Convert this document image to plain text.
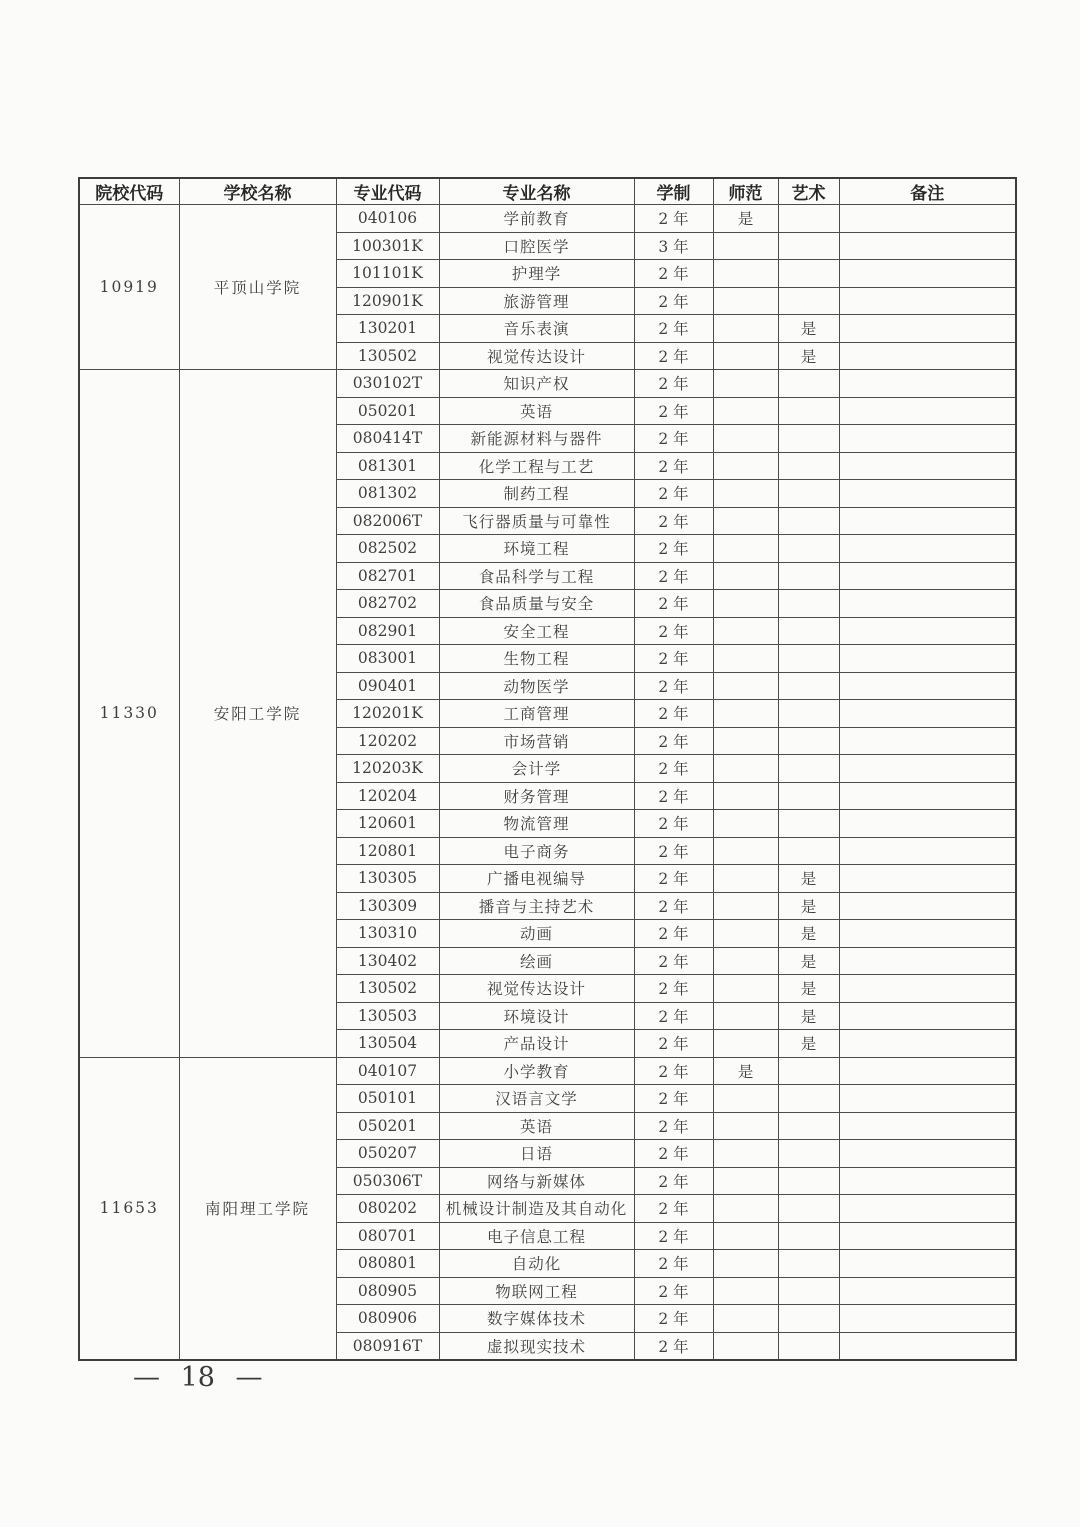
院校代码	学校名称	专业代码	专业名称	学制	师范	艺术	备注
10919	平顶山学院	040106	学前教育	2 年	是		
		100301K	口腔医学	3 年			
		101101K	护理学	2 年			
		120901K	旅游管理	2 年			
		130201	音乐表演	2 年		是	
		130502	视觉传达设计	2 年		是	
11330	安阳工学院	030102T	知识产权	2 年			
		050201	英语	2 年			
		080414T	新能源材料与器件	2 年			
		081301	化学工程与工艺	2 年			
		081302	制药工程	2 年			
		082006T	飞行器质量与可靠性	2 年			
		082502	环境工程	2 年			
		082701	食品科学与工程	2 年			
		082702	食品质量与安全	2 年			
		082901	安全工程	2 年			
		083001	生物工程	2 年			
		090401	动物医学	2 年			
		120201K	工商管理	2 年			
		120202	市场营销	2 年			
		120203K	会计学	2 年			
		120204	财务管理	2 年			
		120601	物流管理	2 年			
		120801	电子商务	2 年			
		130305	广播电视编导	2 年		是	
		130309	播音与主持艺术	2 年		是	
		130310	动画	2 年		是	
		130402	绘画	2 年		是	
		130502	视觉传达设计	2 年		是	
		130503	环境设计	2 年		是	
		130504	产品设计	2 年		是	
11653	南阳理工学院	040107	小学教育	2 年	是		
		050101	汉语言文学	2 年			
		050201	英语	2 年			
		050207	日语	2 年			
		050306T	网络与新媒体	2 年			
		080202	机械设计制造及其自动化	2 年			
		080701	电子信息工程	2 年			
		080801	自动化	2 年			
		080905	物联网工程	2 年			
		080906	数字媒体技术	2 年			
		080916T	虚拟现实技术	2 年			
— 18 —
